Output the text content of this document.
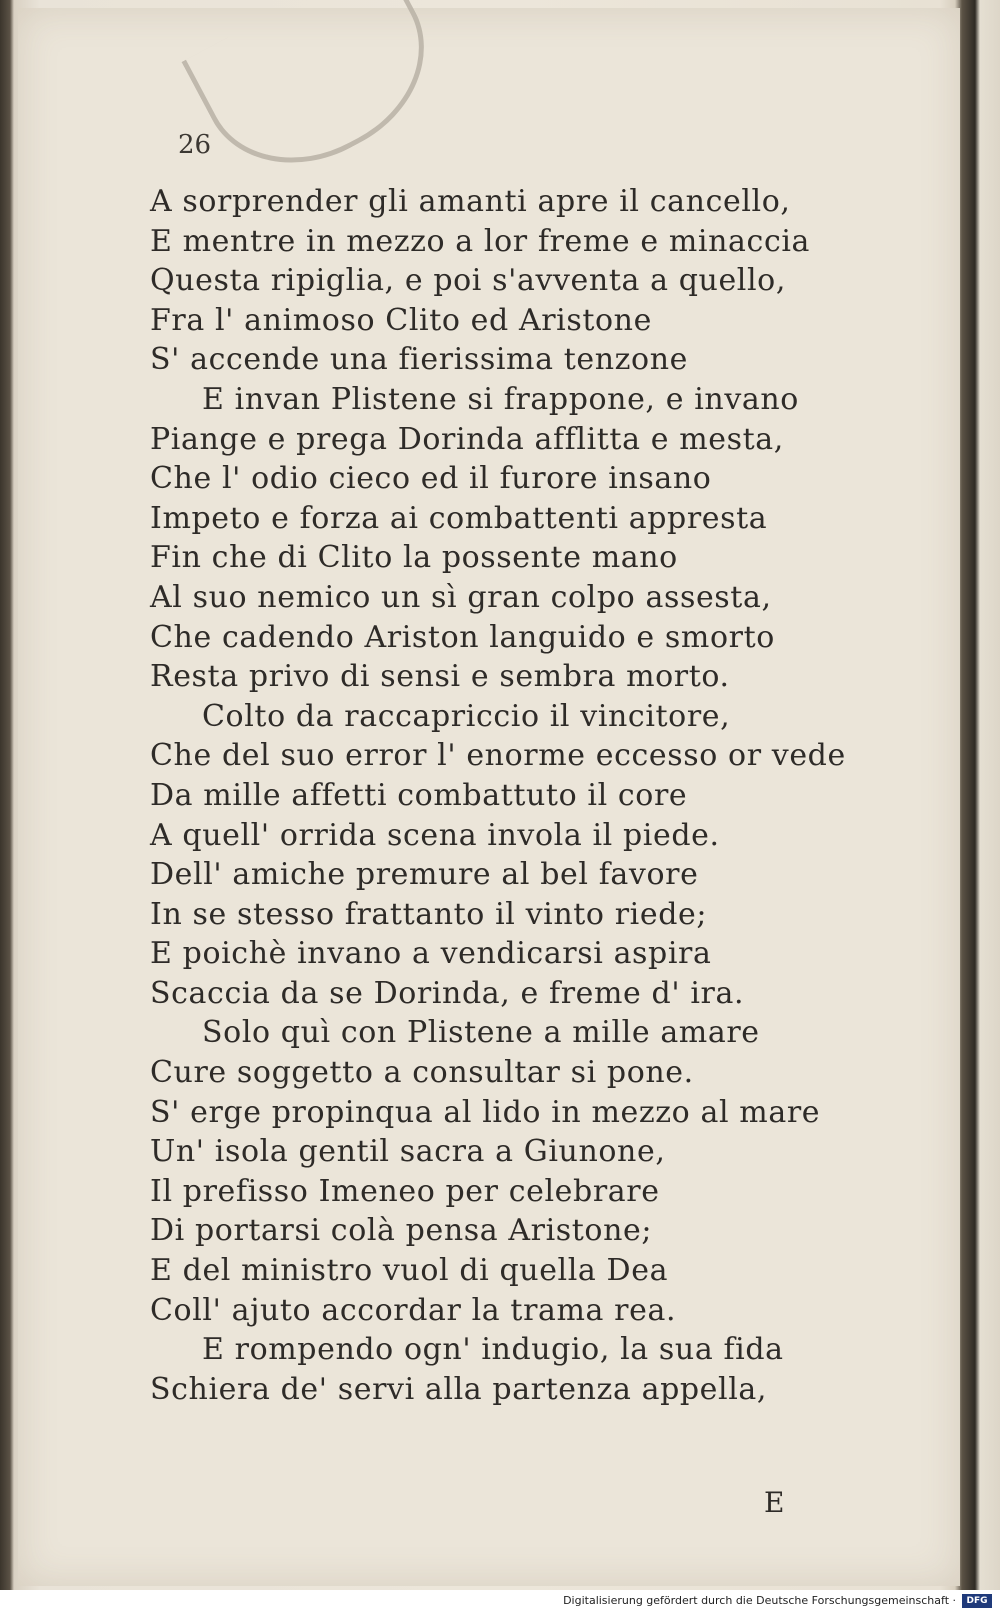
26
A sorprender gli amanti apre il cancello,
E mentre in mezzo a lor freme e minaccia
Questa ripiglia, e poi s'avventa a quello,
Fra l' animoso Clito ed Aristone
S' accende una fierissima tenzone
E invan Plistene si frappone, e invano
Piange e prega Dorinda afflitta e mesta,
Che l' odio cieco ed il furore insano
Impeto e forza ai combattenti appresta
Fin che di Clito la possente mano
Al suo nemico un sì gran colpo assesta,
Che cadendo Ariston languido e smorto
Resta privo di sensi e sembra morto.
Colto da raccapriccio il vincitore,
Che del suo error l' enorme eccesso or vede
Da mille affetti combattuto il core
A quell' orrida scena invola il piede.
Dell' amiche premure al bel favore
In se stesso frattanto il vinto riede;
E poichè invano a vendicarsi aspira
Scaccia da se Dorinda, e freme d' ira.
Solo quì con Plistene a mille amare
Cure soggetto a consultar si pone.
S' erge propinqua al lido in mezzo al mare
Un' isola gentil sacra a Giunone,
Il prefisso Imeneo per celebrare
Di portarsi colà pensa Aristone;
E del ministro vuol di quella Dea
Coll' ajuto accordar la trama rea.
E rompendo ogn' indugio, la sua fida
Schiera de' servi alla partenza appella,
E
Digitalisierung gefördert durch die Deutsche Forschungsgemeinschaft ·	DFG
